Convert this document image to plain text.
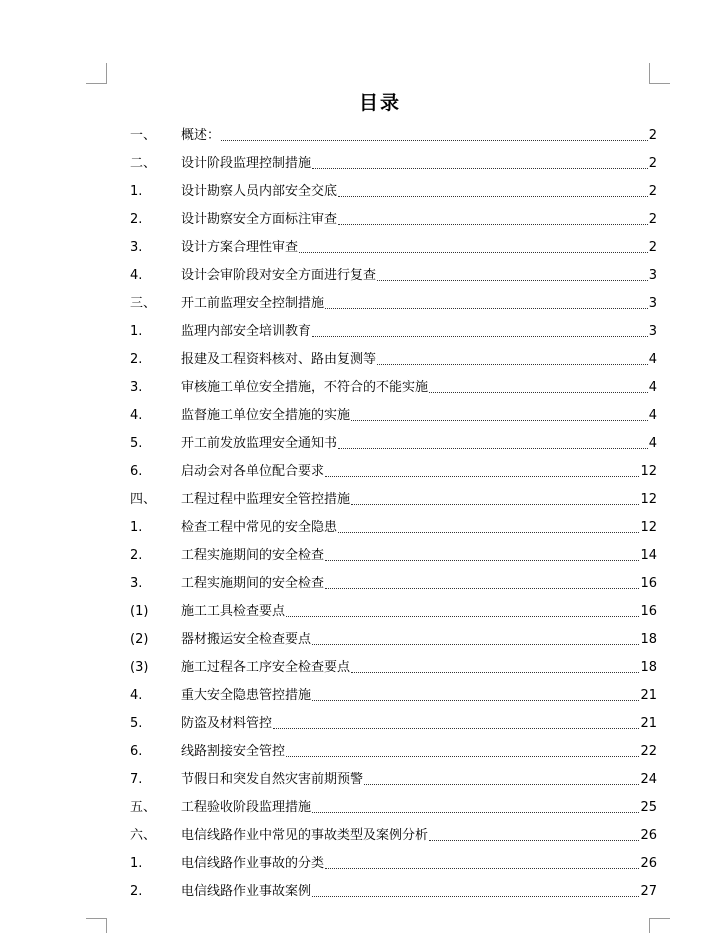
目录
一、	概述：	2
二、	设计阶段监理控制措施	2
1.	设计勘察人员内部安全交底	2
2.	设计勘察安全方面标注审查	2
3.	设计方案合理性审查	2
4.	设计会审阶段对安全方面进行复查	3
三、	开工前监理安全控制措施	3
1.	监理内部安全培训教育	3
2.	报建及工程资料核对、路由复测等	4
3.	审核施工单位安全措施，不符合的不能实施	4
4.	监督施工单位安全措施的实施	4
5.	开工前发放监理安全通知书	4
6.	启动会对各单位配合要求	12
四、	工程过程中监理安全管控措施	12
1.	检查工程中常见的安全隐患	12
2.	工程实施期间的安全检查	14
3.	工程实施期间的安全检查	16
(1)	施工工具检查要点	16
(2)	器材搬运安全检查要点	18
(3)	施工过程各工序安全检查要点	18
4.	重大安全隐患管控措施	21
5.	防盗及材料管控	21
6.	线路割接安全管控	22
7.	节假日和突发自然灾害前期预警	24
五、	工程验收阶段监理措施	25
六、	电信线路作业中常见的事故类型及案例分析	26
1.	电信线路作业事故的分类	26
2.	电信线路作业事故案例	27
